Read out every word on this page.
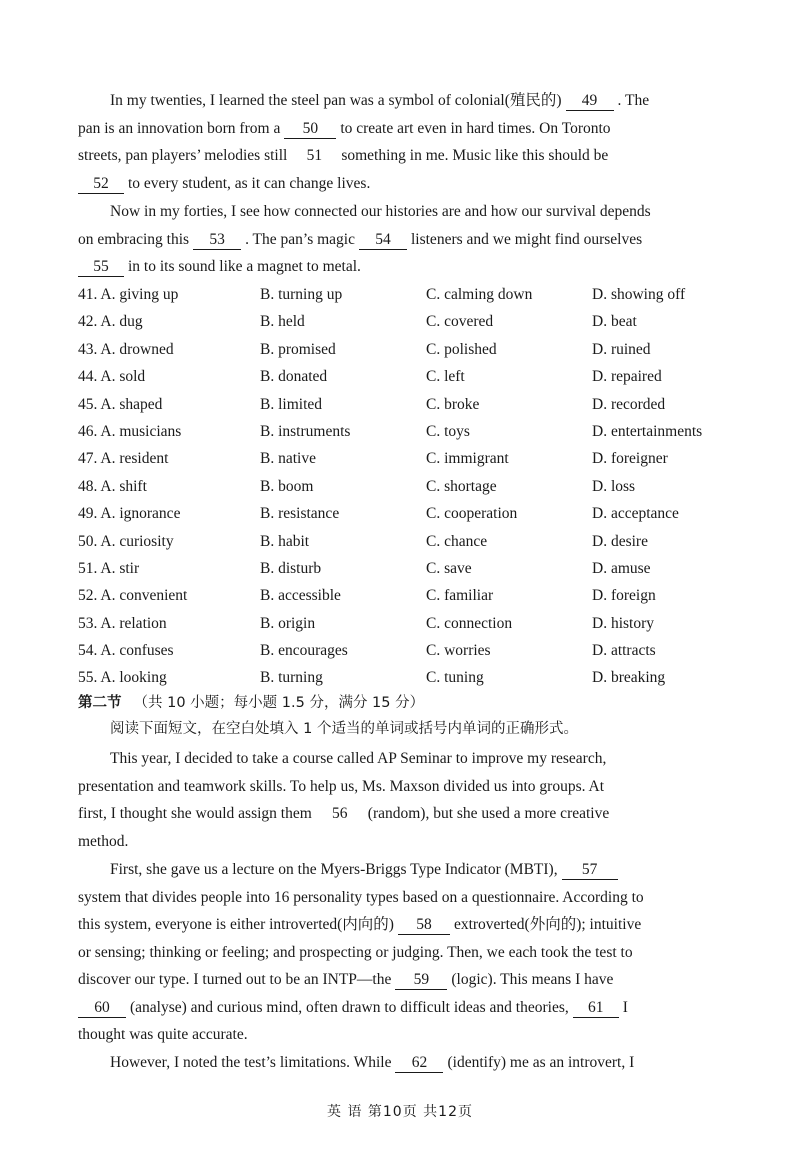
In my twenties, I learned the steel pan was a symbol of colonial(殖民的) 49 . The
pan is an innovation born from a 50 to create art even in hard times. On Toronto
streets, pan players’ melodies still 51 something in me. Music like this should be
52 to every student, as it can change lives.

Now in my forties, I see how connected our histories are and how our survival depends
on embracing this 53 . The pan’s magic 54 listeners and we might find ourselves
55 in to its sound like a magnet to metal.

41. A. giving up	B. turning up	C. calming down	D. showing off
42. A. dug	B. held	C. covered	D. beat
43. A. drowned	B. promised	C. polished	D. ruined
44. A. sold	B. donated	C. left	D. repaired
45. A. shaped	B. limited	C. broke	D. recorded
46. A. musicians	B. instruments	C. toys	D. entertainments
47. A. resident	B. native	C. immigrant	D. foreigner
48. A. shift	B. boom	C. shortage	D. loss
49. A. ignorance	B. resistance	C. cooperation	D. acceptance
50. A. curiosity	B. habit	C. chance	D. desire
51. A. stir	B. disturb	C. save	D. amuse
52. A. convenient	B. accessible	C. familiar	D. foreign
53. A. relation	B. origin	C. connection	D. history
54. A. confuses	B. encourages	C. worries	D. attracts
55. A. looking	B. turning	C. tuning	D. breaking
第二节 （共 10 小题；每小题 1.5 分，满分 15 分）
阅读下面短文，在空白处填入 1 个适当的单词或括号内单词的正确形式。

This year, I decided to take a course called AP Seminar to improve my research,
presentation and teamwork skills. To help us, Ms. Maxson divided us into groups. At
first, I thought she would assign them 56 (random), but she used a more creative
method.

First, she gave us a lecture on the Myers-Briggs Type Indicator (MBTI), 57
system that divides people into 16 personality types based on a questionnaire. According to
this system, everyone is either introverted(内向的) 58 extroverted(外向的); intuitive
or sensing; thinking or feeling; and prospecting or judging. Then, we each took the test to
discover our type. I turned out to be an INTP—the 59 (logic). This means I have
60 (analyse) and curious mind, often drawn to difficult ideas and theories, 61 I
thought was quite accurate.

However, I noted the test’s limitations. While 62 (identify) me as an introvert, I

英 语 第10页 共12页
